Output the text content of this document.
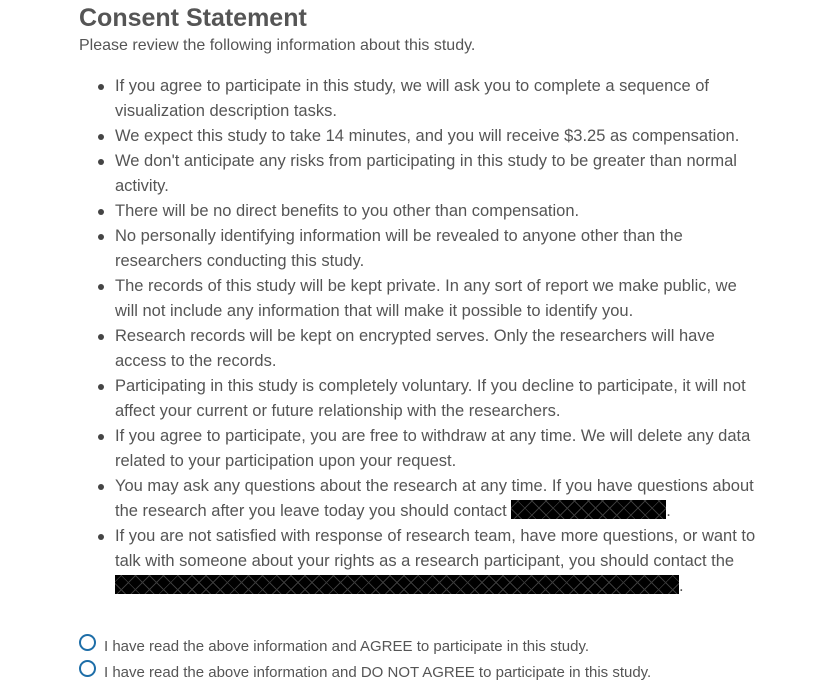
Consent Statement

Please review the following information about this study.

If you agree to participate in this study, we will ask you to complete a sequence of visualization description tasks.
We expect this study to take 14 minutes, and you will receive $3.25 as compensation.
We don't anticipate any risks from participating in this study to be greater than normal activity.
There will be no direct benefits to you other than compensation.
No personally identifying information will be revealed to anyone other than the researchers conducting this study.
The records of this study will be kept private. In any sort of report we make public, we will not include any information that will make it possible to identify you.
Research records will be kept on encrypted serves. Only the researchers will have access to the records.
Participating in this study is completely voluntary. If you decline to participate, it will not affect your current or future relationship with the researchers.
If you agree to participate, you are free to withdraw at any time. We will delete any data related to your participation upon your request.
You may ask any questions about the research at any time. If you have questions about the research after you leave today you should contact	.
If you are not satisfied with response of research team, have more questions, or want to talk with someone about your rights as a research participant, you should contact the .
I have read the above information and AGREE to participate in this study.
I have read the above information and DO NOT AGREE to participate in this study.
